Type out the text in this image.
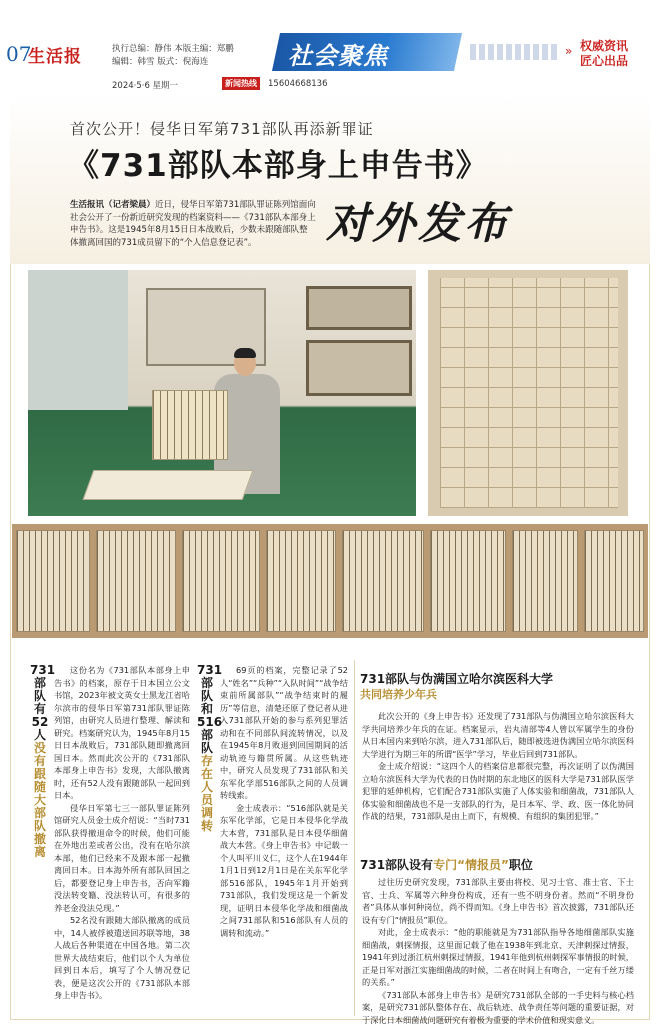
07
生活报	执行总编：静伟 本版主编：郑鹏
编辑：韩雪 版式：倪海连	社会聚焦	» 权威资讯
匠心出品
2024·5·6 星期一	新闻热线	15604668136
首次公开！侵华日军第731部队再添新罪证
《731部队本部身上申告书》
对外发布
生活报讯（记者梁晨）近日，侵华日军第731部队罪证陈列馆面向社会公开了一份新近研究发现的档案资料——《731部队本部身上申告书》。这是1945年8月15日日本战败后，少数未跟随部队整体撤离回国的731成员留下的“个人信息登记表”。
731部队有52人
没有跟随大部队撤离

这份名为《731部队本部身上申告书》的档案，原存于日本国立公文书馆，2023年被文英女士黑龙江省哈尔滨市的侵华日军第731部队罪证陈列馆，由研究人员进行整理、解读和研究。档案研究认为，1945年8月15日日本战败后，731部队随即撤离回国日本。然而此次公开的《731部队本部身上申告书》发现，大部队撤离时，还有52人没有跟随部队一起回到日本。

侵华日军第七三一部队罪证陈列馆研究人员金士成介绍说：“当时731部队获得撤退命令的时候，他们可能在外地出差或者公出，没有在哈尔滨本部，他们已经来不及跟本部一起撤离回日本。日本海外所有部队回国之后，都要登记身上申告书，否向军籍没法转变籍、没法转认可，有很多的养老金没法兑现。”

52名没有跟随大部队撤离的成员中，14人被俘被遣送回苏联等地，38人战后各种渠道在中国各地。第二次世界大战结束后，他们以个人为单位回到日本后，填写了个人情况登记表，便是这次公开的《731部队本部身上申告书》。

731部队和516部队
存在人员调转

69页的档案，完整记录了52人“姓名”“兵种”“入队时间”“战争结束前所属部队”“战争结束时的履历”等信息，清楚还原了登记者从进入731部队开始的参与系列犯罪活动和在不同部队间流转情况，以及在1945年8月败退到回国期间的活动轨迹与籍贯所属。从这些轨迹中，研究人员发现了731部队和关东军化学部516部队之间的人员调转线索。

金士成表示：“516部队就是关东军化学部，它是日本侵华化学战大本营，731部队是日本侵华细菌战大本营。《身上申告书》中记载一个人叫平川义仁，这个人在1944年1月1日到12月1日是在关东军化学部516部队，1945年1月开始到731部队，我们发现这是一个新发现，证明日本侵华化学战和细菌战之间731部队和516部队有人员的调转和流动。”

731部队与伪满国立哈尔滨医科大学
共同培养少年兵

此次公开的《身上申告书》还发现了731部队与伪满国立哈尔滨医科大学共同培养少年兵的在证。档案显示，岩丸清部等4人曾以军属学生的身份从日本国内来到哈尔滨，进入731部队后，随即被选进伪满国立哈尔滨医科大学进行为期三年的所谓“医学”学习，毕业后回到731部队。

金士成介绍说：“这四个人的档案信息都很完整，再次证明了以伪满国立哈尔滨医科大学为代表的日伪时期的东北地区的医科大学是731部队医学犯罪的延伸机构，它们配合731部队实施了人体实验和细菌战，731部队人体实验和细菌战也不是一支部队的行为，是日本军、学、政、医一体化协同作战的结果，731部队是由上而下，有规模、有组织的集团犯罪。”

731部队设有专门“情报员”职位

过往历史研究发现，731部队主要由将校、见习士官、准士官、下士官、士兵、军属等六种身份构成，还有一些不明身份者。然而“不明身份者”具体从事何种岗位，尚不得而知。《身上申告书》首次披露，731部队还设有专门“情报员”职位。

对此，金士成表示：“他的职能就是为731部队指导各地细菌部队实施细菌战，刺探情报，这里面记载了他在1938年到北京、天津刺探过情报，1941年到过浙江杭州刺探过情报，1941年他到杭州刺探军事情报的时候，正是日军对浙江实施细菌战的时候，二者在时间上有吻合，一定有千丝万缕的关系。”

《731部队本部身上申告书》是研究731部队全部的一手史料与核心档案，是研究731部队整体存在、战后轨迹、战争责任等问题的重要证据，对于深化日本细菌战问题研究有着极为重要的学术价值和现实意义。
